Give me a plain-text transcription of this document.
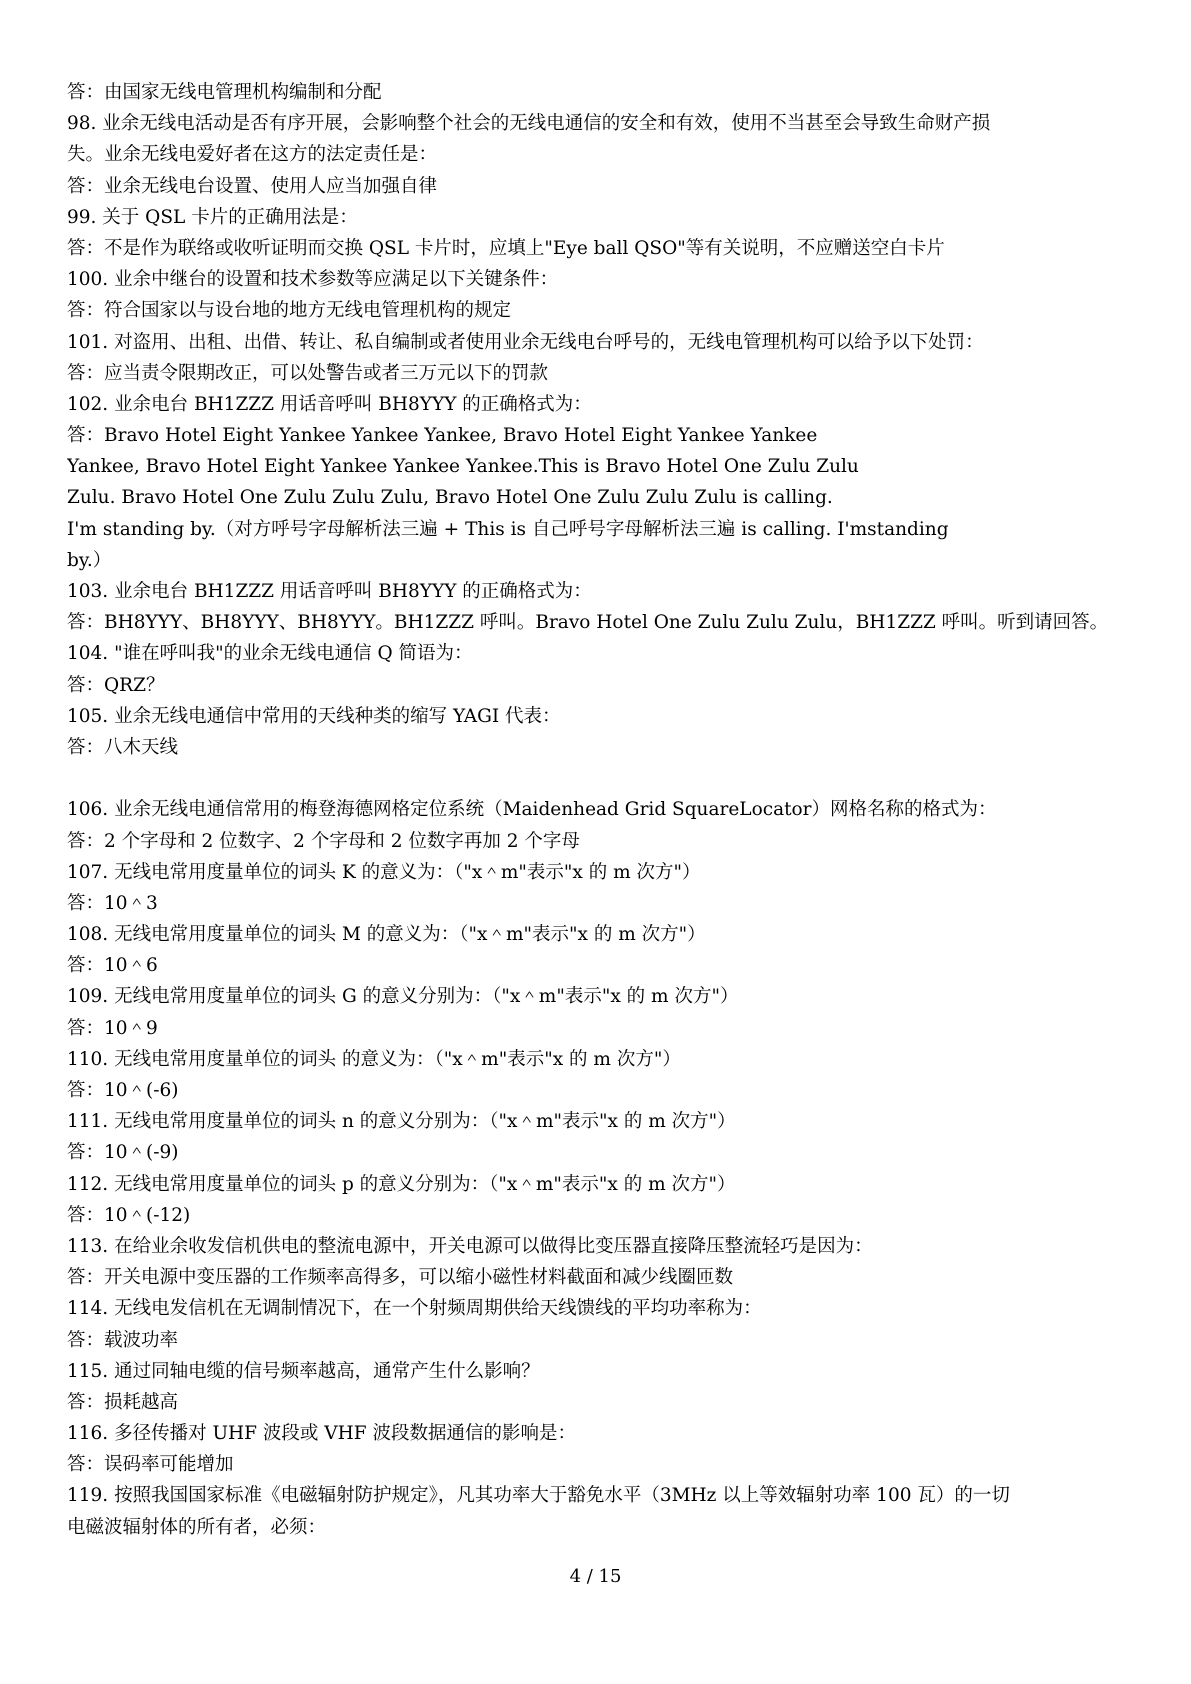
答：由国家无线电管理机构编制和分配
98. 业余无线电活动是否有序开展，会影响整个社会的无线电通信的安全和有效，使用不当甚至会导致生命财产损
失。业余无线电爱好者在这方的法定责任是：
答：业余无线电台设置、使用人应当加强自律
99. 关于 QSL 卡片的正确用法是：
答：不是作为联络或收听证明而交换 QSL 卡片时，应填上"Eye ball QSO"等有关说明，不应赠送空白卡片
100. 业余中继台的设置和技术参数等应满足以下关键条件：
答：符合国家以与设台地的地方无线电管理机构的规定
101. 对盗用、出租、出借、转让、私自编制或者使用业余无线电台呼号的，无线电管理机构可以给予以下处罚：
答：应当责令限期改正，可以处警告或者三万元以下的罚款
102. 业余电台 BH1ZZZ 用话音呼叫 BH8YYY 的正确格式为：
答：Bravo Hotel Eight Yankee Yankee Yankee, Bravo Hotel Eight Yankee Yankee
Yankee, Bravo Hotel Eight Yankee Yankee Yankee.This is Bravo Hotel One Zulu Zulu
Zulu. Bravo Hotel One Zulu Zulu Zulu, Bravo Hotel One Zulu Zulu Zulu is calling.
I'm standing by.（对方呼号字母解析法三遍 + This is 自己呼号字母解析法三遍 is calling. I'mstanding
by.）
103. 业余电台 BH1ZZZ 用话音呼叫 BH8YYY 的正确格式为：
答：BH8YYY、BH8YYY、BH8YYY。BH1ZZZ 呼叫。Bravo Hotel One Zulu Zulu Zulu，BH1ZZZ 呼叫。听到请回答。
104. "谁在呼叫我"的业余无线电通信 Q 简语为：
答：QRZ？
105. 业余无线电通信中常用的天线种类的缩写 YAGI 代表：
答：八木天线
106. 业余无线电通信常用的梅登海德网格定位系统（Maidenhead Grid SquareLocator）网格名称的格式为：
答：2 个字母和 2 位数字、2 个字母和 2 位数字再加 2 个字母
107. 无线电常用度量单位的词头 K 的意义为：（"x＾m"表示"x 的 m 次方"）
答：10＾3
108. 无线电常用度量单位的词头 M 的意义为：（"x＾m"表示"x 的 m 次方"）
答：10＾6
109. 无线电常用度量单位的词头 G 的意义分别为：（"x＾m"表示"x 的 m 次方"）
答：10＾9
110. 无线电常用度量单位的词头 的意义为：（"x＾m"表示"x 的 m 次方"）
答：10＾(-6)
111. 无线电常用度量单位的词头 n 的意义分别为：（"x＾m"表示"x 的 m 次方"）
答：10＾(-9)
112. 无线电常用度量单位的词头 p 的意义分别为：（"x＾m"表示"x 的 m 次方"）
答：10＾(-12)
113. 在给业余收发信机供电的整流电源中，开关电源可以做得比变压器直接降压整流轻巧是因为：
答：开关电源中变压器的工作频率高得多，可以缩小磁性材料截面和减少线圈匝数
114. 无线电发信机在无调制情况下，在一个射频周期供给天线馈线的平均功率称为：
答：载波功率
115. 通过同轴电缆的信号频率越高，通常产生什么影响？
答：损耗越高
116. 多径传播对 UHF 波段或 VHF 波段数据通信的影响是：
答：误码率可能增加
119. 按照我国国家标准《电磁辐射防护规定》，凡其功率大于豁免水平（3MHz 以上等效辐射功率 100 瓦）的一切
电磁波辐射体的所有者，必须：
4 / 15
